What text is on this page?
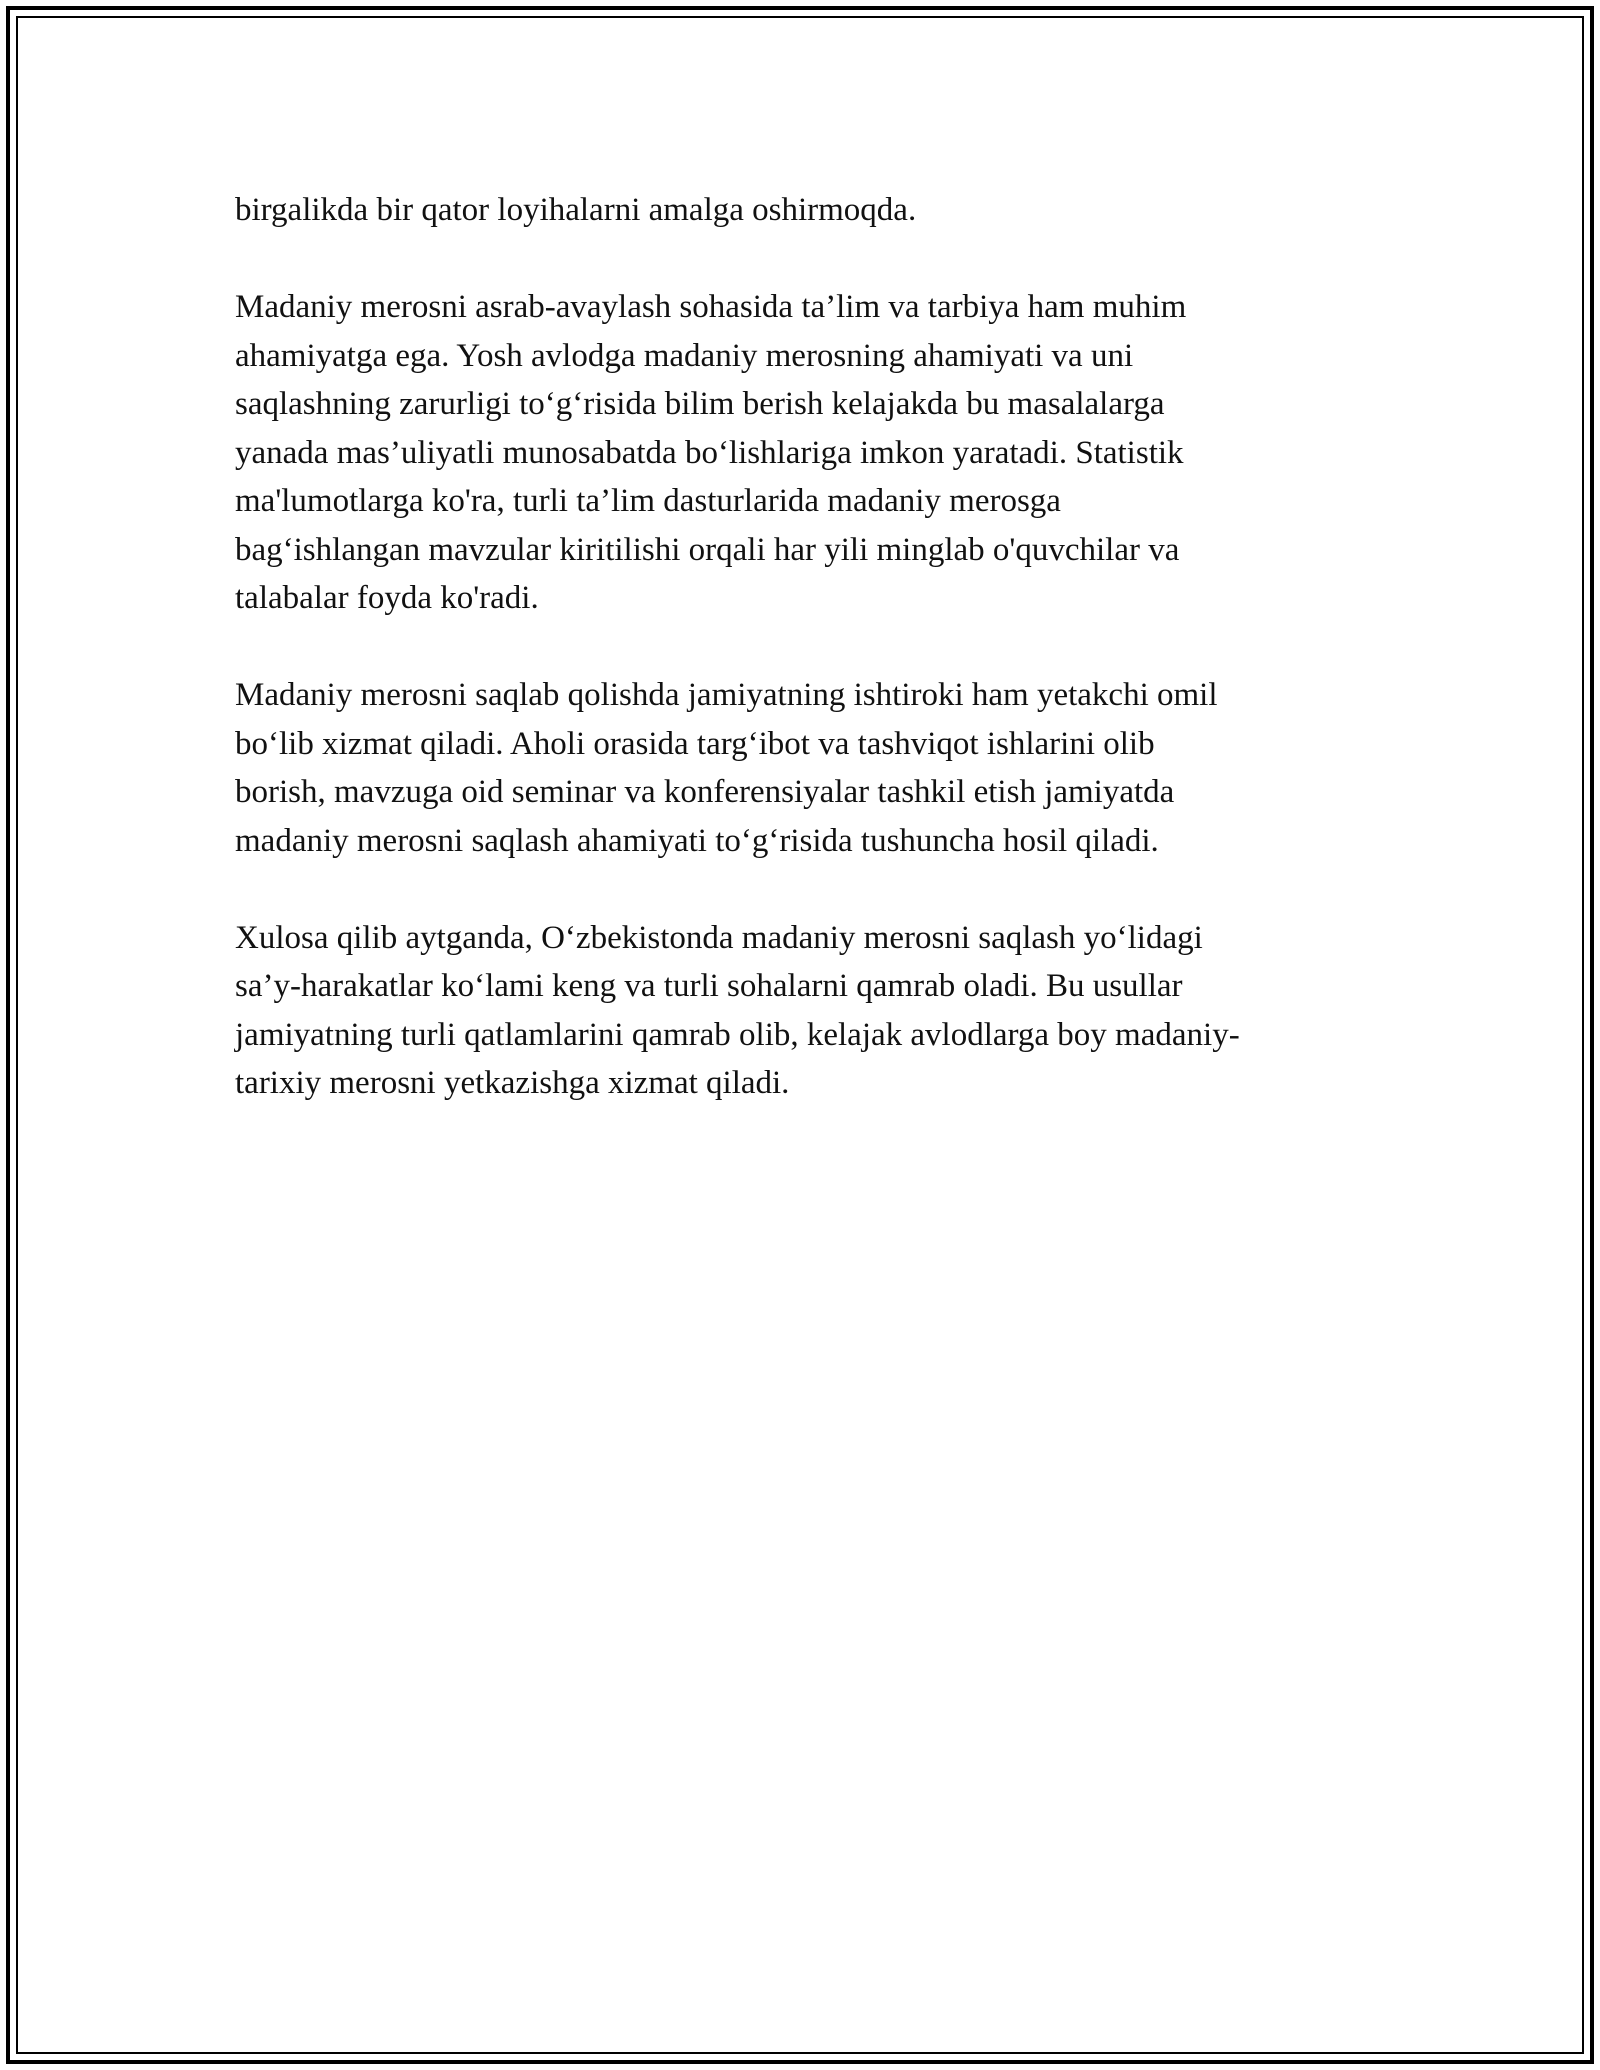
birgalikda bir qator loyihalarni amalga oshirmoqda.

Madaniy merosni asrab-avaylash sohasida ta’lim va tarbiya ham muhim
ahamiyatga ega. Yosh avlodga madaniy merosning ahamiyati va uni
saqlashning zarurligi to‘g‘risida bilim berish kelajakda bu masalalarga
yanada mas’uliyatli munosabatda bo‘lishlariga imkon yaratadi. Statistik
ma'lumotlarga ko'ra, turli ta’lim dasturlarida madaniy merosga
bag‘ishlangan mavzular kiritilishi orqali har yili minglab o'quvchilar va
talabalar foyda ko'radi.

Madaniy merosni saqlab qolishda jamiyatning ishtiroki ham yetakchi omil
bo‘lib xizmat qiladi. Aholi orasida targ‘ibot va tashviqot ishlarini olib
borish, mavzuga oid seminar va konferensiyalar tashkil etish jamiyatda
madaniy merosni saqlash ahamiyati to‘g‘risida tushuncha hosil qiladi.

Xulosa qilib aytganda, O‘zbekistonda madaniy merosni saqlash yo‘lidagi
sa’y-harakatlar ko‘lami keng va turli sohalarni qamrab oladi. Bu usullar
jamiyatning turli qatlamlarini qamrab olib, kelajak avlodlarga boy madaniy-
tarixiy merosni yetkazishga xizmat qiladi.
